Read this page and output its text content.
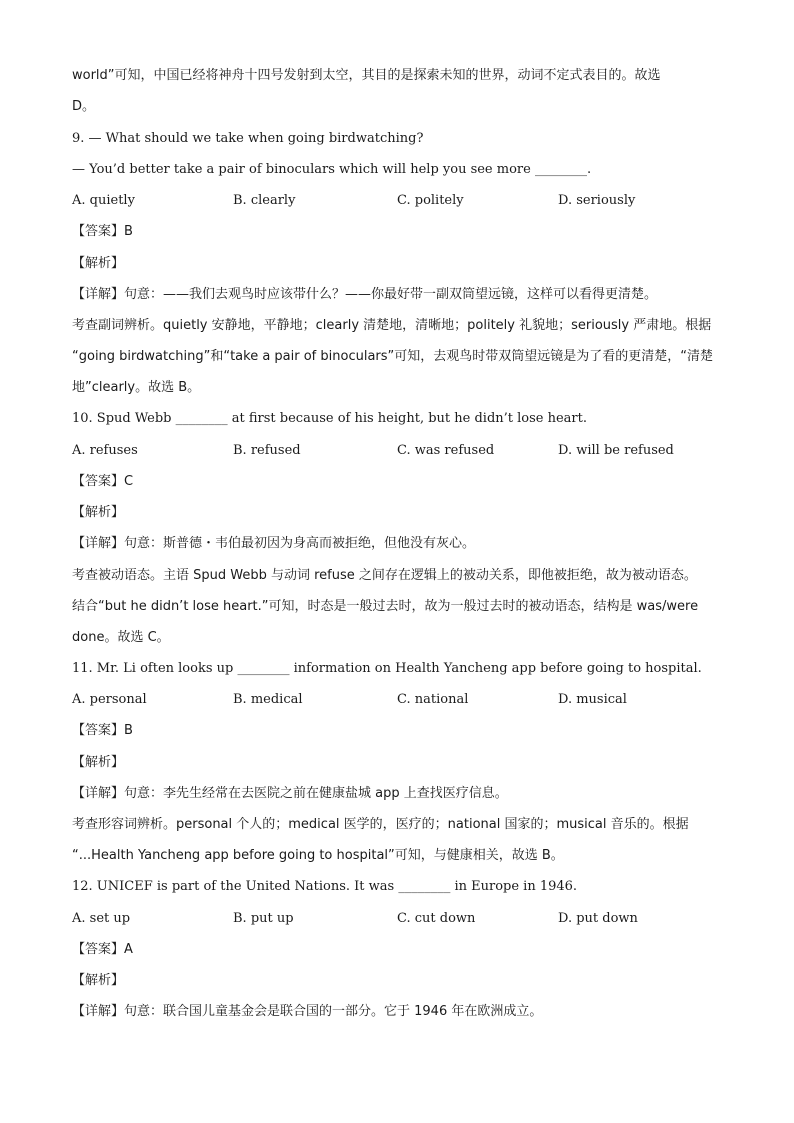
world”可知，中国已经将神舟十四号发射到太空，其目的是探索未知的世界，动词不定式表目的。故选
D。
9. — What should we take when going birdwatching?
— You’d better take a pair of binoculars which will help you see more ________.
A. quietly	B. clearly	C. politely	D. seriously
【答案】B
【解析】
【详解】句意：——我们去观鸟时应该带什么？——你最好带一副双筒望远镜，这样可以看得更清楚。
考查副词辨析。quietly 安静地，平静地；clearly 清楚地，清晰地；politely 礼貌地；seriously 严肃地。根据
“going birdwatching”和“take a pair of binoculars”可知，去观鸟时带双筒望远镜是为了看的更清楚，“清楚
地”clearly。故选 B。
10. Spud Webb ________ at first because of his height, but he didn’t lose heart.
A. refuses	B. refused	C. was refused	D. will be refused
【答案】C
【解析】
【详解】句意：斯普德・韦伯最初因为身高而被拒绝，但他没有灰心。
考查被动语态。主语 Spud Webb 与动词 refuse 之间存在逻辑上的被动关系，即他被拒绝，故为被动语态。
结合“but he didn’t lose heart.”可知，时态是一般过去时，故为一般过去时的被动语态，结构是 was/were
done。故选 C。
11. Mr. Li often looks up ________ information on Health Yancheng app before going to hospital.
A. personal	B. medical	C. national	D. musical
【答案】B
【解析】
【详解】句意：李先生经常在去医院之前在健康盐城 app 上查找医疗信息。
考查形容词辨析。personal 个人的；medical 医学的，医疗的；national 国家的；musical 音乐的。根据
“...Health Yancheng app before going to hospital”可知，与健康相关，故选 B。
12. UNICEF is part of the United Nations. It was ________ in Europe in 1946.
A. set up	B. put up	C. cut down	D. put down
【答案】A
【解析】
【详解】句意：联合国儿童基金会是联合国的一部分。它于 1946 年在欧洲成立。
